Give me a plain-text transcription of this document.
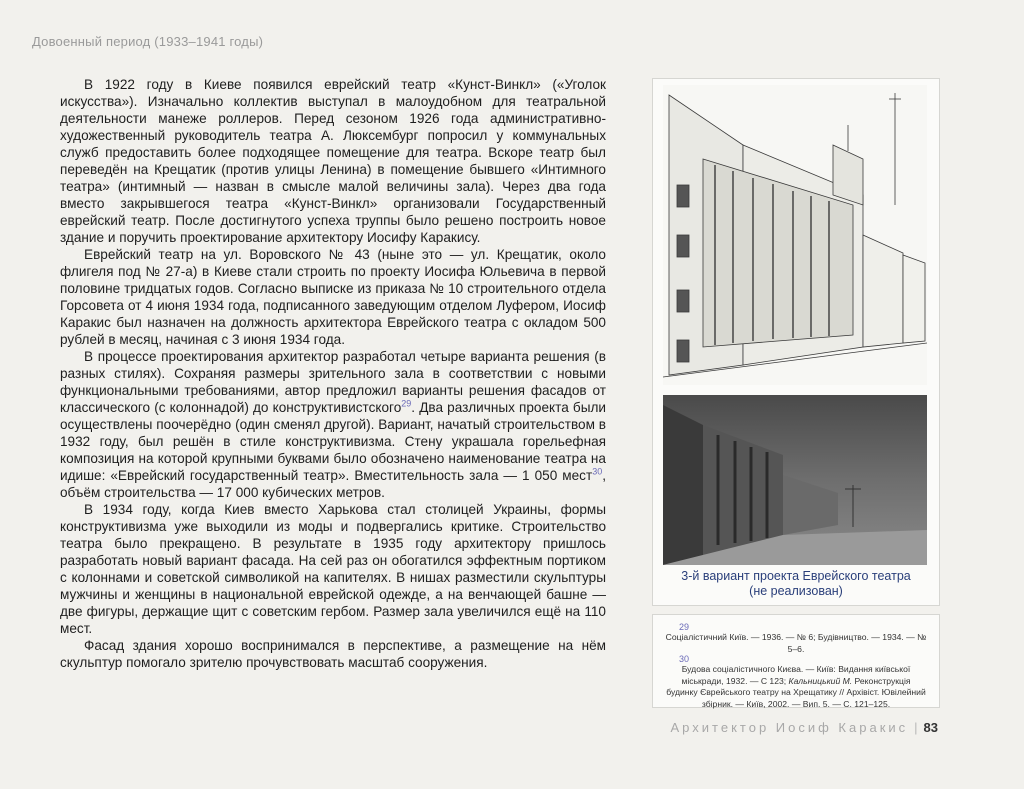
Довоенный период (1933–1941 годы)

В 1922 году в Киеве появился еврейский театр «Кунст-Винкл» («Уголок искусства»). Изначально коллектив выступал в малоудобном для театральной деятельности манеже роллеров. Перед сезоном 1926 года административно-художественный руководитель театра А. Люксембург попросил у коммунальных служб предоставить более подходящее помещение для театра. Вскоре театр был переведён на Крещатик (против улицы Ленина) в помещение бывшего «Интимного театра» (интимный — назван в смысле малой величины зала). Через два года вместо закрывшегося театра «Кунст-Винкл» организовали Государственный еврейский театр. После достигнутого успеха труппы было решено построить новое здание и поручить проектирование архитектору Иосифу Каракису.

Еврейский театр на ул. Воровского № 43 (ныне это — ул. Крещатик, около флигеля под № 27-а) в Киеве стали строить по проекту Иосифа Юльевича в первой половине тридцатых годов. Согласно выписке из приказа № 10 строительного отдела Горсовета от 4 июня 1934 года, подписанного заведующим отделом Луфером, Иосиф Каракис был назначен на должность архитектора Еврейского театра с окладом 500 рублей в месяц, начиная с 3 июня 1934 года.

В процессе проектирования архитектор разработал четыре варианта решения (в разных стилях). Сохраняя размеры зрительного зала в соответствии с новыми функциональными требованиями, автор предложил варианты решения фасадов от классического (с колоннадой) до конструктивистского$^{29}$. Два различных проекта были осуществлены поочерёдно (один сменял другой). Вариант, начатый строительством в 1932 году, был решён в стиле конструктивизма. Стену украшала горельефная композиция на которой крупными буквами было обозначено наименование театра на идише: «Еврейский государственный театр». Вместительность зала — 1 050 мест$^{30}$, объём строительства — 17 000 кубических метров.

В 1934 году, когда Киев вместо Харькова стал столицей Украины, формы конструктивизма уже выходили из моды и подвергались критике. Строительство театра было прекращено. В результате в 1935 году архитектору пришлось разработать новый вариант фасада. На сей раз он обогатился эффектным портиком с колоннами и советской символикой на капителях. В нишах разместили скульптуры мужчины и женщины в национальной еврейской одежде, а на венчающей башне — две фигуры, держащие щит с советским гербом. Размер зала увеличился ещё на 110 мест.

Фасад здания хорошо воспринимался в перспективе, а размещение на нём скульптур помогало зрителю прочувствовать масштаб сооружения.

3-й вариант проекта Еврейского театра
(не реализован)
29

Соціалістичний Київ. — 1936. — № 6; Будівництво. — 1934. — № 5–6.

30

Будова соціалістичного Києва. — Київ: Видання київської міськради, 1932. — С 123; Кальницький М. Реконструкція будинку Єврейського театру на Хрещатику // Архівіст. Ювілейний збірник. — Київ, 2002. — Вип. 5. — С. 121–125.

Архитектор Иосиф Каракис | 83
